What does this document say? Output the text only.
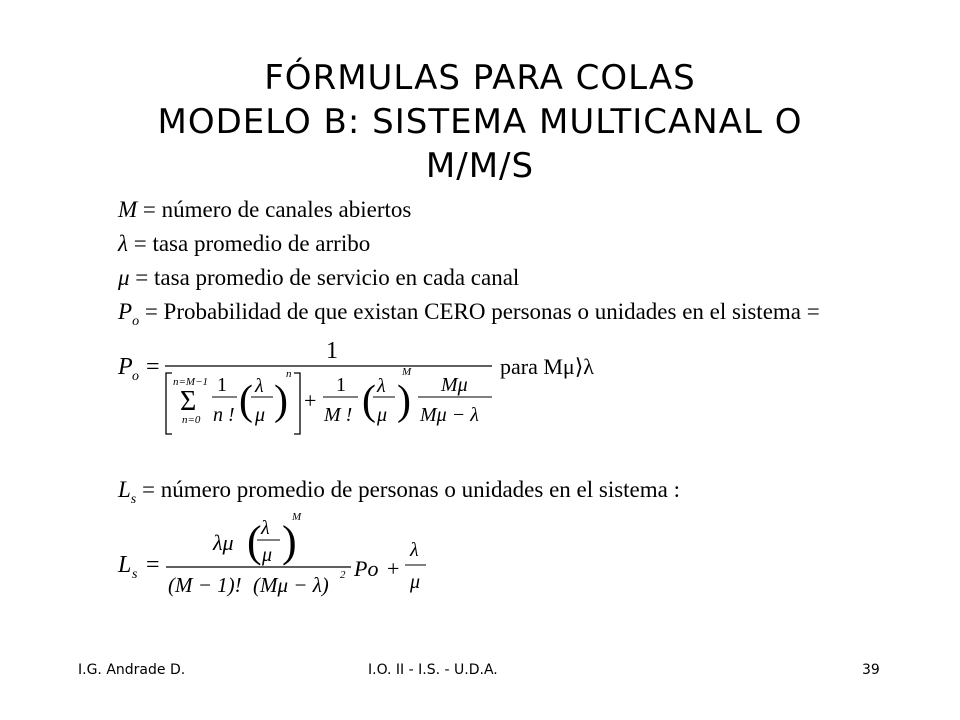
FÓRMULAS PARA COLAS
MODELO B: SISTEMA MULTICANAL O
M/M/S
M = número de canales abiertos
λ = tasa promedio de arribo
μ = tasa promedio de servicio en cada canal
$P_o$ = Probabilidad de que existan CERO personas o unidades en el sistema =
P o =
1
n=M−1
Σ
n=0
1
n ! ( λ
μ )
n
+
1
M ! ( λ
μ )
M
Mμ
Mμ − λ
para Mμ⟩λ
$L_s$ = número promedio de personas o unidades en el sistema :
L s =
λμ ( λ
μ )
M
(M − 1)! (Mμ − λ) 2 Po +
λ
μ
I.G. Andrade D.	I.O. II - I.S. - U.D.A.	39
